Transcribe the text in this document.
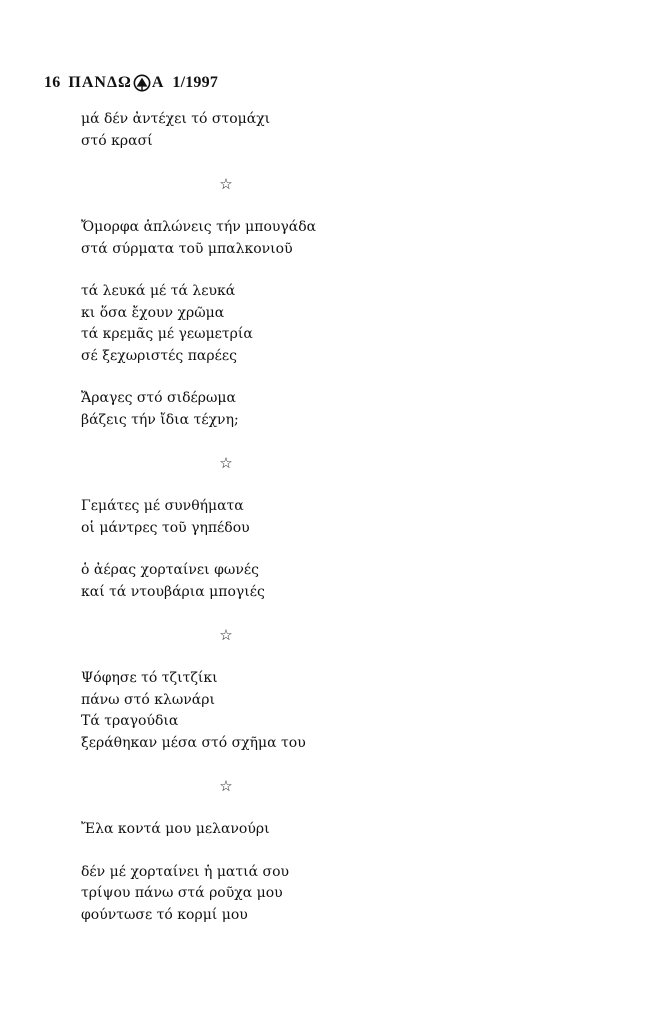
16 ΠΑΝΔΩ Α 1/1997
μά δέν ἀντέχει τό στομάχι
στό κρασί
☆
Ὄμορφα ἁπλώνεις τήν μπουγάδα
στά σύρματα τοῦ μπαλκονιοῦ
τά λευκά μέ τά λευκά
κι ὅσα ἔχουν χρῶμα
τά κρεμᾶς μέ γεωμετρία
σέ ξεχωριστές παρέες
Ἄραγες στό σιδέρωμα
βάζεις τήν ἴδια τέχνη;
☆
Γεμάτες μέ συνθήματα
οἱ μάντρες τοῦ γηπέδου
ὁ ἀέρας χορταίνει φωνές
καί τά ντουβάρια μπογιές
☆
Ψόφησε τό τζιτζίκι
πάνω στό κλωνάρι
Τά τραγούδια
ξεράθηκαν μέσα στό σχῆμα του
☆
Ἔλα κοντά μου μελανούρι
δέν μέ χορταίνει ἡ ματιά σου
τρίψου πάνω στά ροῦχα μου
φούντωσε τό κορμί μου
